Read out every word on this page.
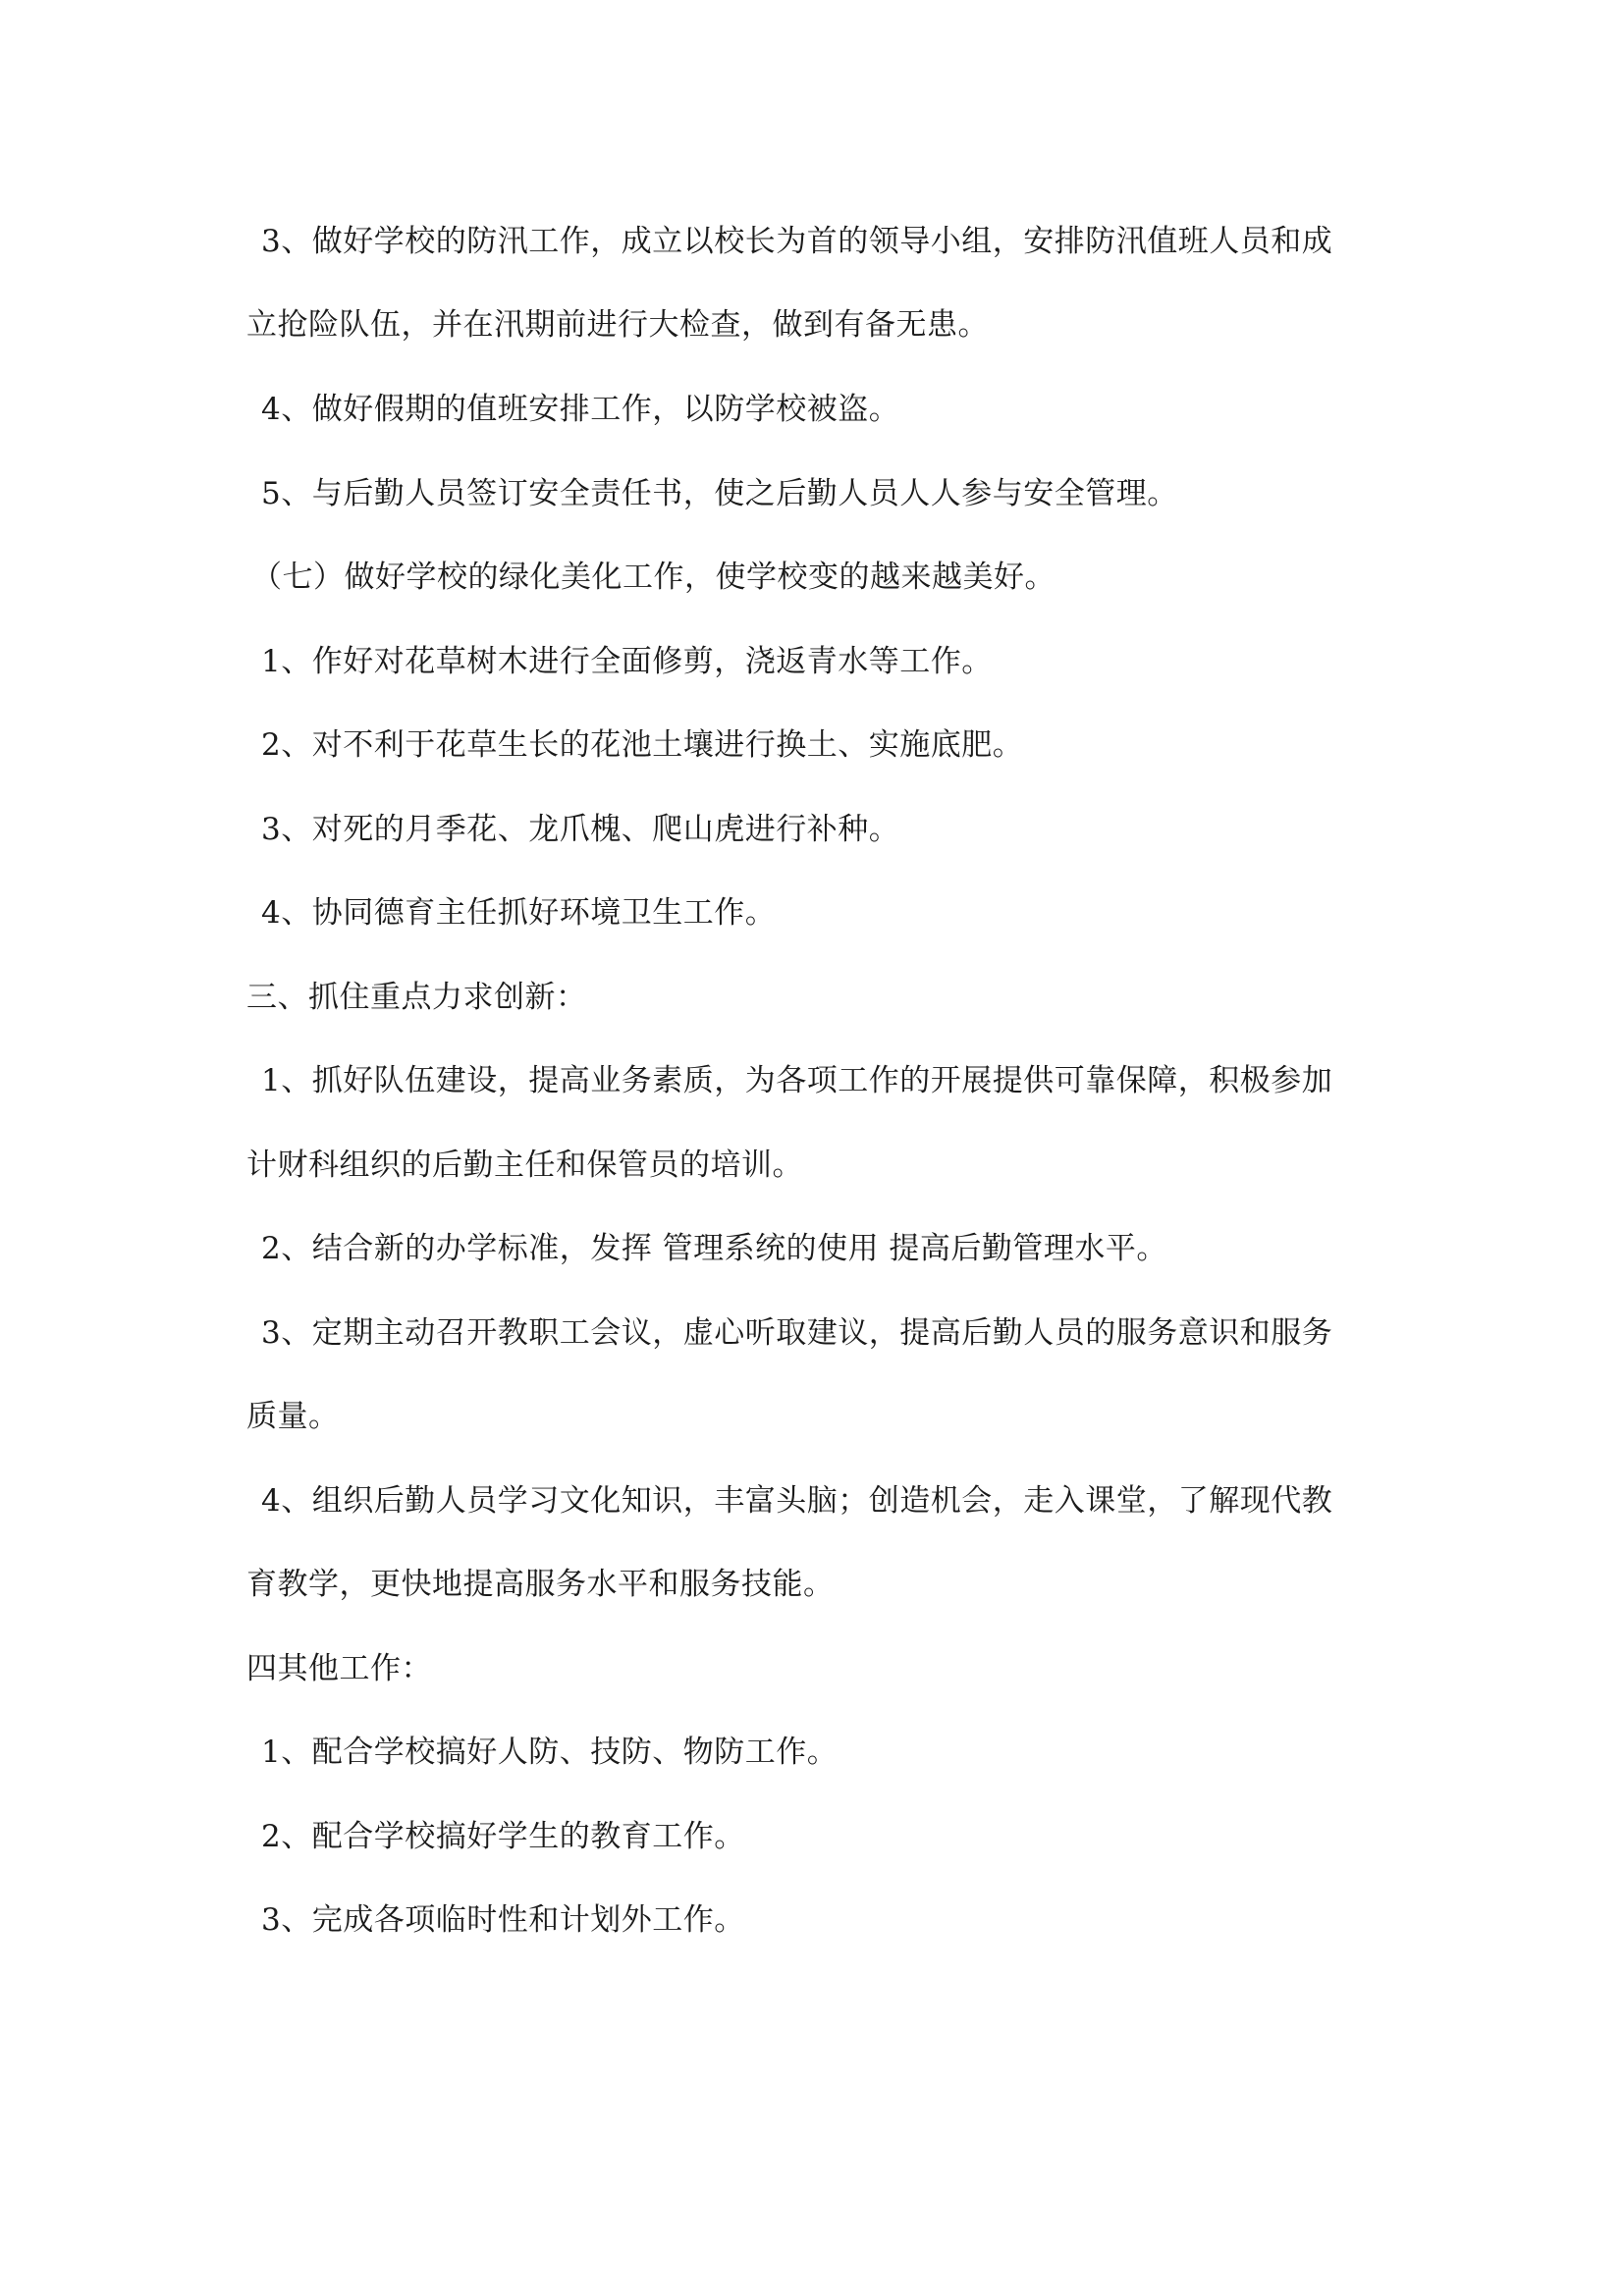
3、做好学校的防汛工作，成立以校长为首的领导小组，安排防汛值班人员和成
立抢险队伍，并在汛期前进行大检查，做到有备无患。
4、做好假期的值班安排工作，以防学校被盗。
5、与后勤人员签订安全责任书，使之后勤人员人人参与安全管理。
（七）做好学校的绿化美化工作，使学校变的越来越美好。
1、作好对花草树木进行全面修剪，浇返青水等工作。
2、对不利于花草生长的花池土壤进行换土、实施底肥。
3、对死的月季花、龙爪槐、爬山虎进行补种。
4、协同德育主任抓好环境卫生工作。
三、抓住重点力求创新：
1、抓好队伍建设，提高业务素质，为各项工作的开展提供可靠保障，积极参加
计财科组织的后勤主任和保管员的培训。
2、结合新的办学标准，发挥 管理系统的使用 提高后勤管理水平。
3、定期主动召开教职工会议，虚心听取建议，提高后勤人员的服务意识和服务
质量。
4、组织后勤人员学习文化知识，丰富头脑；创造机会，走入课堂，了解现代教
育教学，更快地提高服务水平和服务技能。
四其他工作：
1、配合学校搞好人防、技防、物防工作。
2、配合学校搞好学生的教育工作。
3、完成各项临时性和计划外工作。
